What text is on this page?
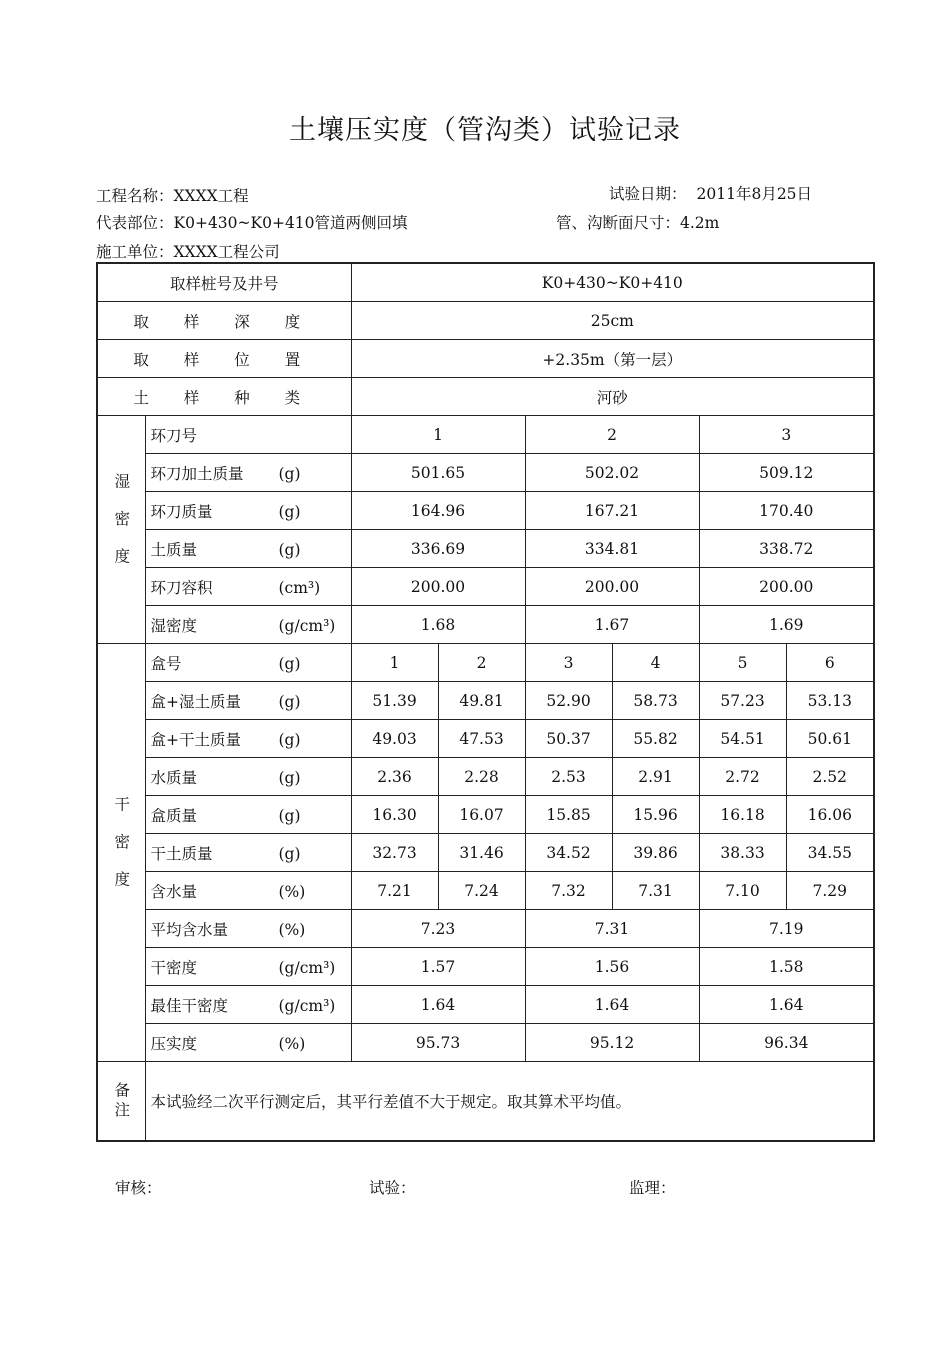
土壤压实度（管沟类）试验记录
工程名称：XXXX工程	试验日期： 2011年8月25日
代表部位：K0+430~K0+410管道两侧回填	管、沟断面尺寸：4.2m
施工单位：XXXX工程公司
取样桩号及井号		K0+430~K0+410					
取 样 深 度		25cm					
取 样 位 置		+2.35m（第一层）					
土 样 种 类		河砂					
湿密度	环刀号	1		2		3	
	环刀加土质量 (g)	501.65		502.02		509.12	
	环刀质量 (g)	164.96		167.21		170.40	
	土质量 (g)	336.69		334.81		338.72	
	环刀容积 (cm³)	200.00		200.00		200.00	
	湿密度 (g/cm³)	1.68		1.67		1.69	
干密度	盒号 (g)	1	2	3	4	5	6
	盒+湿土质量 (g)	51.39	49.81	52.90	58.73	57.23	53.13
	盒+干土质量 (g)	49.03	47.53	50.37	55.82	54.51	50.61
	水质量 (g)	2.36	2.28	2.53	2.91	2.72	2.52
	盒质量 (g)	16.30	16.07	15.85	15.96	16.18	16.06
	干土质量 (g)	32.73	31.46	34.52	39.86	38.33	34.55
	含水量 (%)	7.21	7.24	7.32	7.31	7.10	7.29
	平均含水量 (%)	7.23		7.31		7.19	
	干密度 (g/cm³)	1.57		1.56		1.58	
	最佳干密度 (g/cm³)	1.64		1.64		1.64	
	压实度 (%)	95.73		95.12		96.34	
备注	本试验经二次平行测定后，其平行差值不大于规定。取其算术平均值。						
审核：	试验：	监理：
